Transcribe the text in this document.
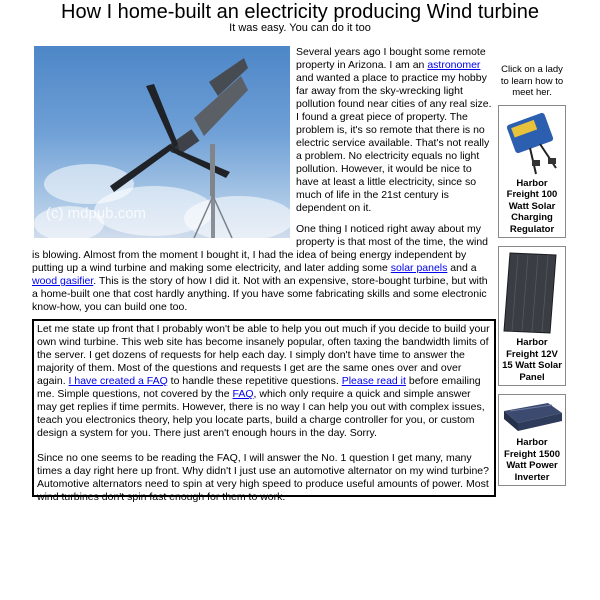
How I home-built an electricity producing Wind turbine
It was easy. You can do it too
(c) mdpub.com

Several years ago I bought some remote property in Arizona. I am an astronomer and wanted a place to practice my hobby far away from the sky-wrecking light pollution found near cities of any real size. I found a great piece of property. The problem is, it's so remote that there is no electric service available. That's not really a problem. No electricity equals no light pollution. However, it would be nice to have at least a little electricity, since so much of life in the 21st century is dependent on it.

One thing I noticed right away about my property is that most of the time, the wind is blowing. Almost from the moment I bought it, I had the idea of being energy independent by putting up a wind turbine and making some electricity, and later adding some solar panels and a wood gasifier. This is the story of how I did it. Not with an expensive, store-bought turbine, but with a home-built one that cost hardly anything. If you have some fabricating skills and some electronic know-how, you can build one too.

Let me state up front that I probably won't be able to help you out much if you decide to build your own wind turbine. This web site has become insanely popular, often taxing the bandwidth limits of the server. I get dozens of requests for help each day. I simply don't have time to answer the majority of them. Most of the questions and requests I get are the same ones over and over again. I have created a FAQ to handle these repetitive questions. Please read it before emailing me. Simple questions, not covered by the FAQ, which only require a quick and simple answer may get replies if time permits. However, there is no way I can help you out with complex issues, teach you electronics theory, help you locate parts, build a charge controller for you, or custom design a system for you. There just aren't enough hours in the day. Sorry.

Since no one seems to be reading the FAQ, I will answer the No. 1 question I get many, many times a day right here up front. Why didn't I just use an automotive alternator on my wind turbine? Automotive alternators need to spin at very high speed to produce useful amounts of power. Most wind turbines don't spin fast enough for them to work.

Click on a lady to learn how to meet her.
Harbor Freight 100 Watt Solar Charging Regulator
Harbor Freight 12V 15 Watt Solar Panel
Harbor Freight 1500 Watt Power Inverter
